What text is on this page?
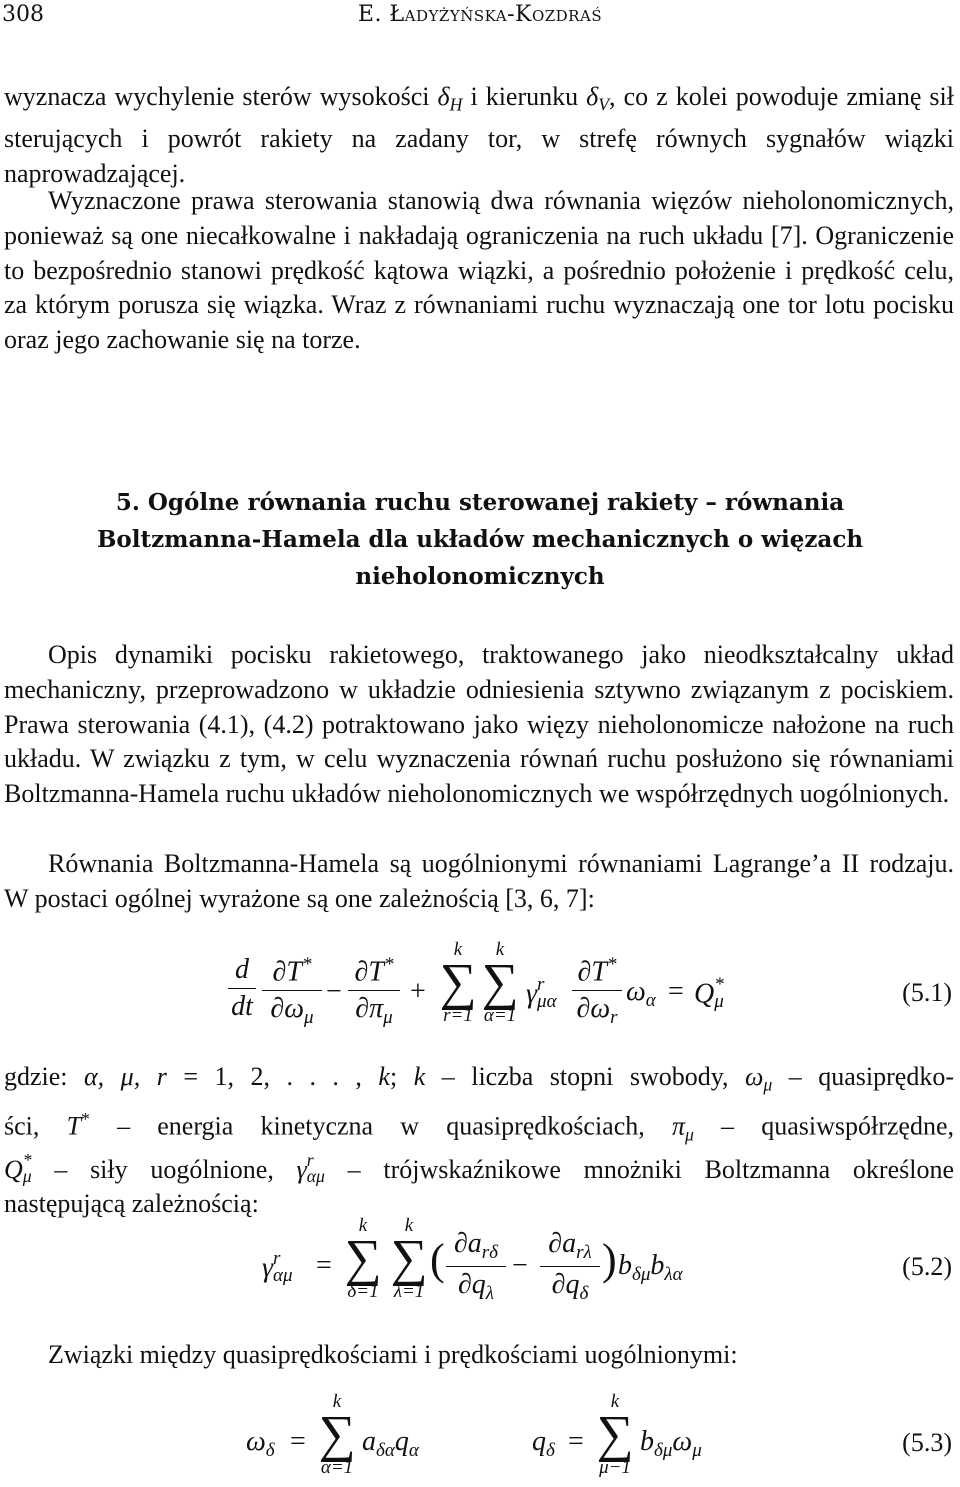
308	E. Ładyżyńska-Kozdraś
wyznacza wychylenie sterów wysokości $\delta_H$ i kierunku $\delta_V$, co z kolei powoduje zmianę sił sterujących i powrót rakiety na zadany tor, w strefę równych sygnałów wiązki naprowadzającej.
Wyznaczone prawa sterowania stanowią dwa równania więzów nieholonomicznych, ponieważ są one niecałkowalne i nakładają ograniczenia na ruch układu [7]. Ograniczenie to bezpośrednio stanowi prędkość kątowa wiązki, a pośrednio położenie i prędkość celu, za którym porusza się wiązka. Wraz z równaniami ruchu wyznaczają one tor lotu pocisku oraz jego zachowanie się na torze.
5. Ogólne równania ruchu sterowanej rakiety – równania Boltzmanna-Hamela dla układów mechanicznych o więzach nieholonomicznych
Opis dynamiki pocisku rakietowego, traktowanego jako nieodkształcalny układ mechaniczny, przeprowadzono w układzie odniesienia sztywno związanym z pociskiem. Prawa sterowania (4.1), (4.2) potraktowano jako więzy nieholonomicze nałożone na ruch układu. W związku z tym, w celu wyznaczenia równań ruchu posłużono się równaniami Boltzmanna-Hamela ruchu układów nieholonomicznych we współrzędnych uogólnionych.
Równania Boltzmanna-Hamela są uogólnionymi równaniami Lagrange’a II rodzaju. W postaci ogólnej wyrażone są one zależnością [3, 6, 7]:
$\frac{d}{dt} \frac{\partial T^*}{\partial\omega_\mu} - \frac{\partial T^*}{\partial\pi_\mu}$ +
k
∑
r=1
k
∑
α=1
γ r
μα $\frac{\partial T^*}{\partial\omega_r} \omega_\alpha = Q$ *
μ	(5.1)
gdzie: α, μ, r = 1, 2, . . . , k; k – liczba stopni swobody, $\omega_\mu$ – quasiprędko-
ści, T* – energia kinetyczna w quasiprędkościach, $\pi_\mu$ – quasiwspółrzędne,
Q *
μ – siły uogólnione, γ r
αμ – trójwskaźnikowe mnożniki Boltzmanna określone
następującą zależnością:
γ r
αμ =
k
∑
δ=1
k
∑
λ=1
( $\partial a_{r\delta}$
$\partial q_\lambda$
−
$\partial a_{r\lambda}$
$\partial q_\delta$
) $b_{\delta\mu}b_{\lambda\alpha}$	(5.2)
Związki między quasiprędkościami i prędkościami uogólnionymi:
$\omega_\delta$ =
k
∑
α=1
$a_{\delta\alpha}q_\alpha$	$q_\delta$ =
k
∑
μ−1
$b_{\delta\mu}\omega_\mu$	(5.3)
